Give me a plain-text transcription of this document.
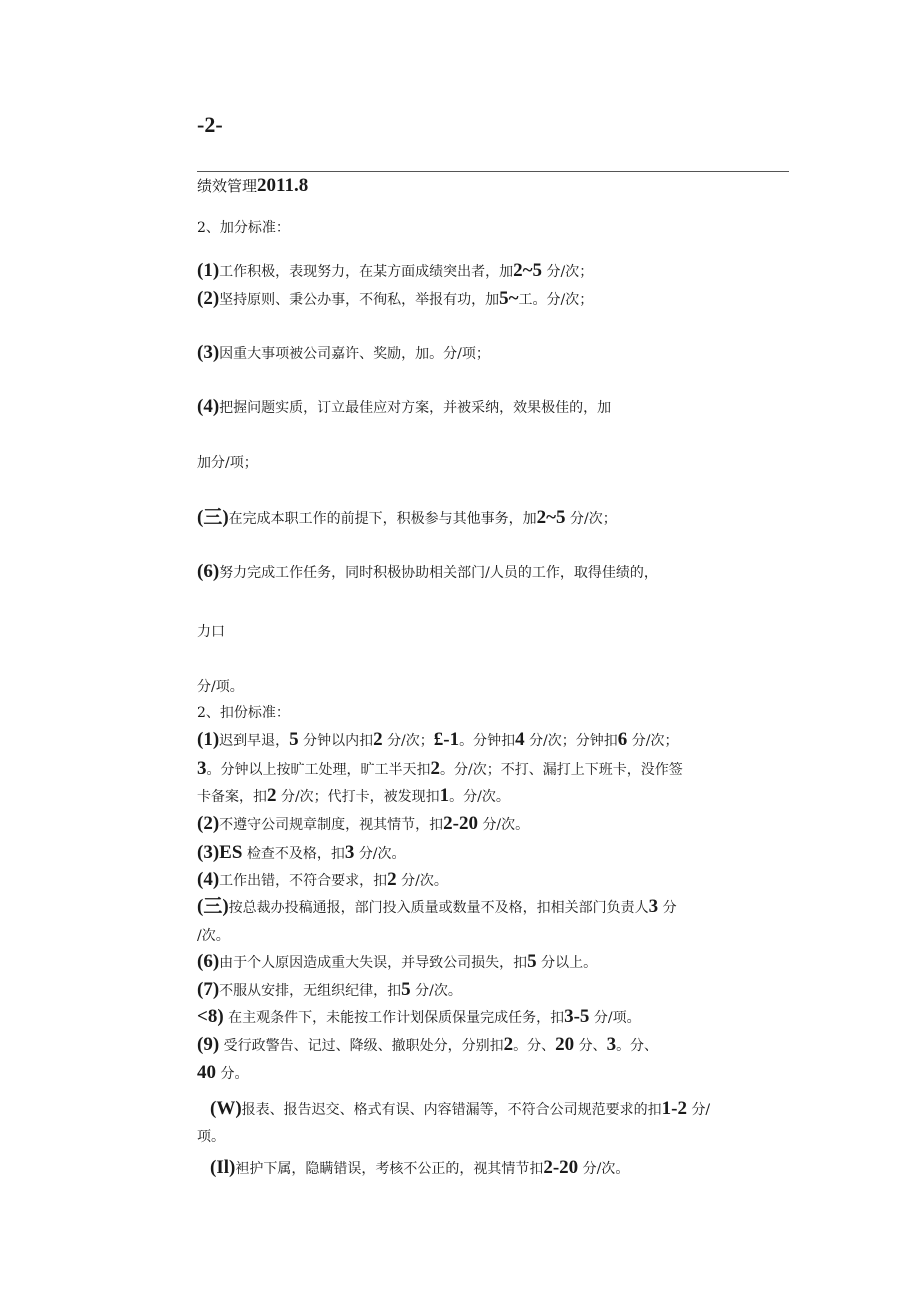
-2-
绩效管理2011.8
2、加分标准：
(1)工作积极，表现努力，在某方面成绩突出者，加2~5 分/次；
(2)坚持原则、秉公办事，不徇私，举报有功，加5~工。分/次；
(3)因重大事项被公司嘉许、奖励，加。分/项；
(4)把握问题实质，订立最佳应对方案，并被采纳，效果极佳的，加
加分/项；
(三)在完成本职工作的前提下，积极参与其他事务，加2~5 分/次；
(6)努力完成工作任务，同时积极协助相关部门/人员的工作，取得佳绩的，
力口
分/项。
2、扣份标准：
(1)迟到早退，5 分钟以内扣2 分/次；£-1。分钟扣4 分/次；分钟扣6 分/次；
3。分钟以上按旷工处理，旷工半天扣2。分/次；不打、漏打上下班卡，没作签
卡备案，扣2 分/次；代打卡，被发现扣1。分/次。
(2)不遵守公司规章制度，视其情节，扣2-20 分/次。
(3)ES 检查不及格，扣3 分/次。
(4)工作出错，不符合要求，扣2 分/次。
(三)按总裁办投稿通报，部门投入质量或数量不及格，扣相关部门负责人3 分
/次。
(6)由于个人原因造成重大失误，并导致公司损失，扣5 分以上。
(7)不服从安排，无组织纪律，扣5 分/次。
<8) 在主观条件下，未能按工作计划保质保量完成任务，扣3-5 分/项。
(9) 受行政警告、记过、降级、撤职处分，分别扣2。分、20 分、3。分、
40 分。
(W)报表、报告迟交、格式有误、内容错漏等，不符合公司规范要求的扣1-2 分/
项。
(Il)袒护下属，隐瞒错误，考核不公正的，视其情节扣2-20 分/次。
